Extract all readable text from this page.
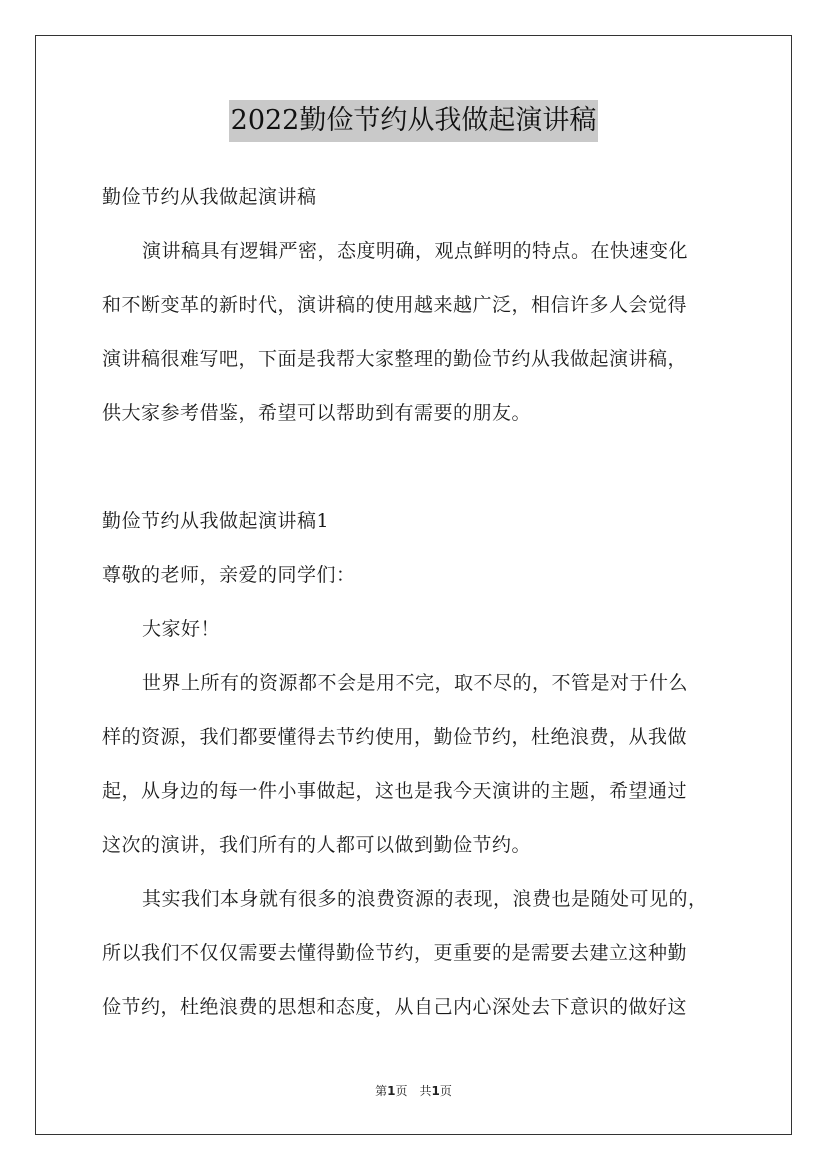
2022勤俭节约从我做起演讲稿
勤俭节约从我做起演讲稿
演讲稿具有逻辑严密，态度明确，观点鲜明的特点。在快速变化
和不断变革的新时代，演讲稿的使用越来越广泛，相信许多人会觉得
演讲稿很难写吧，下面是我帮大家整理的勤俭节约从我做起演讲稿，
供大家参考借鉴，希望可以帮助到有需要的朋友。
勤俭节约从我做起演讲稿1
尊敬的老师，亲爱的同学们：
大家好！
世界上所有的资源都不会是用不完，取不尽的，不管是对于什么
样的资源，我们都要懂得去节约使用，勤俭节约，杜绝浪费，从我做
起，从身边的每一件小事做起，这也是我今天演讲的主题，希望通过
这次的演讲，我们所有的人都可以做到勤俭节约。
其实我们本身就有很多的浪费资源的表现，浪费也是随处可见的，
所以我们不仅仅需要去懂得勤俭节约，更重要的是需要去建立这种勤
俭节约，杜绝浪费的思想和态度，从自己内心深处去下意识的做好这
第1页　共1页
